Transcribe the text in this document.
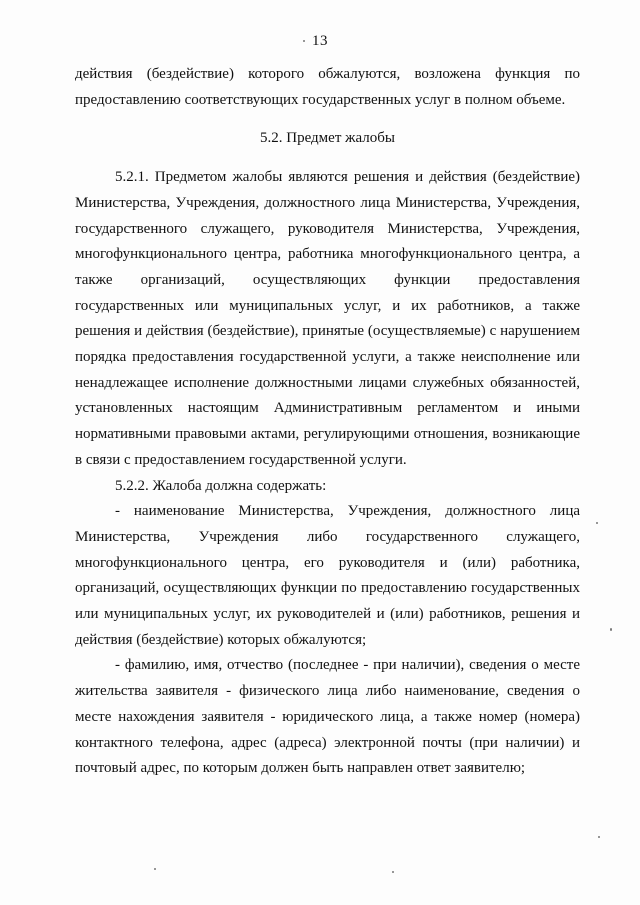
13

действия (бездействие) которого обжалуются, возложена функция по предоставлению соответствующих государственных услуг в полном объеме.

5.2. Предмет жалобы

5.2.1. Предметом жалобы являются решения и действия (бездействие) Министерства, Учреждения, должностного лица Министерства, Учреждения, государственного служащего, руководителя Министерства, Учреждения, многофункционального центра, работника многофункционального центра, а также организаций, осуществляющих функции предоставления государственных или муниципальных услуг, и их работников, а также решения и действия (бездействие), принятые (осуществляемые) с нарушением порядка предоставления государственной услуги, а также неисполнение или ненадлежащее исполнение должностными лицами служебных обязанностей, установленных настоящим Административным регламентом и иными нормативными правовыми актами, регулирующими отношения, возникающие в связи с предоставлением государственной услуги.

5.2.2. Жалоба должна содержать:

- наименование Министерства, Учреждения, должностного лица Министерства, Учреждения либо государственного служащего, многофункционального центра, его руководителя и (или) работника, организаций, осуществляющих функции по предоставлению государственных или муниципальных услуг, их руководителей и (или) работников, решения и действия (бездействие) которых обжалуются;

- фамилию, имя, отчество (последнее - при наличии), сведения о месте жительства заявителя - физического лица либо наименование, сведения о месте нахождения заявителя - юридического лица, а также номер (номера) контактного телефона, адрес (адреса) электронной почты (при наличии) и почтовый адрес, по которым должен быть направлен ответ заявителю;
